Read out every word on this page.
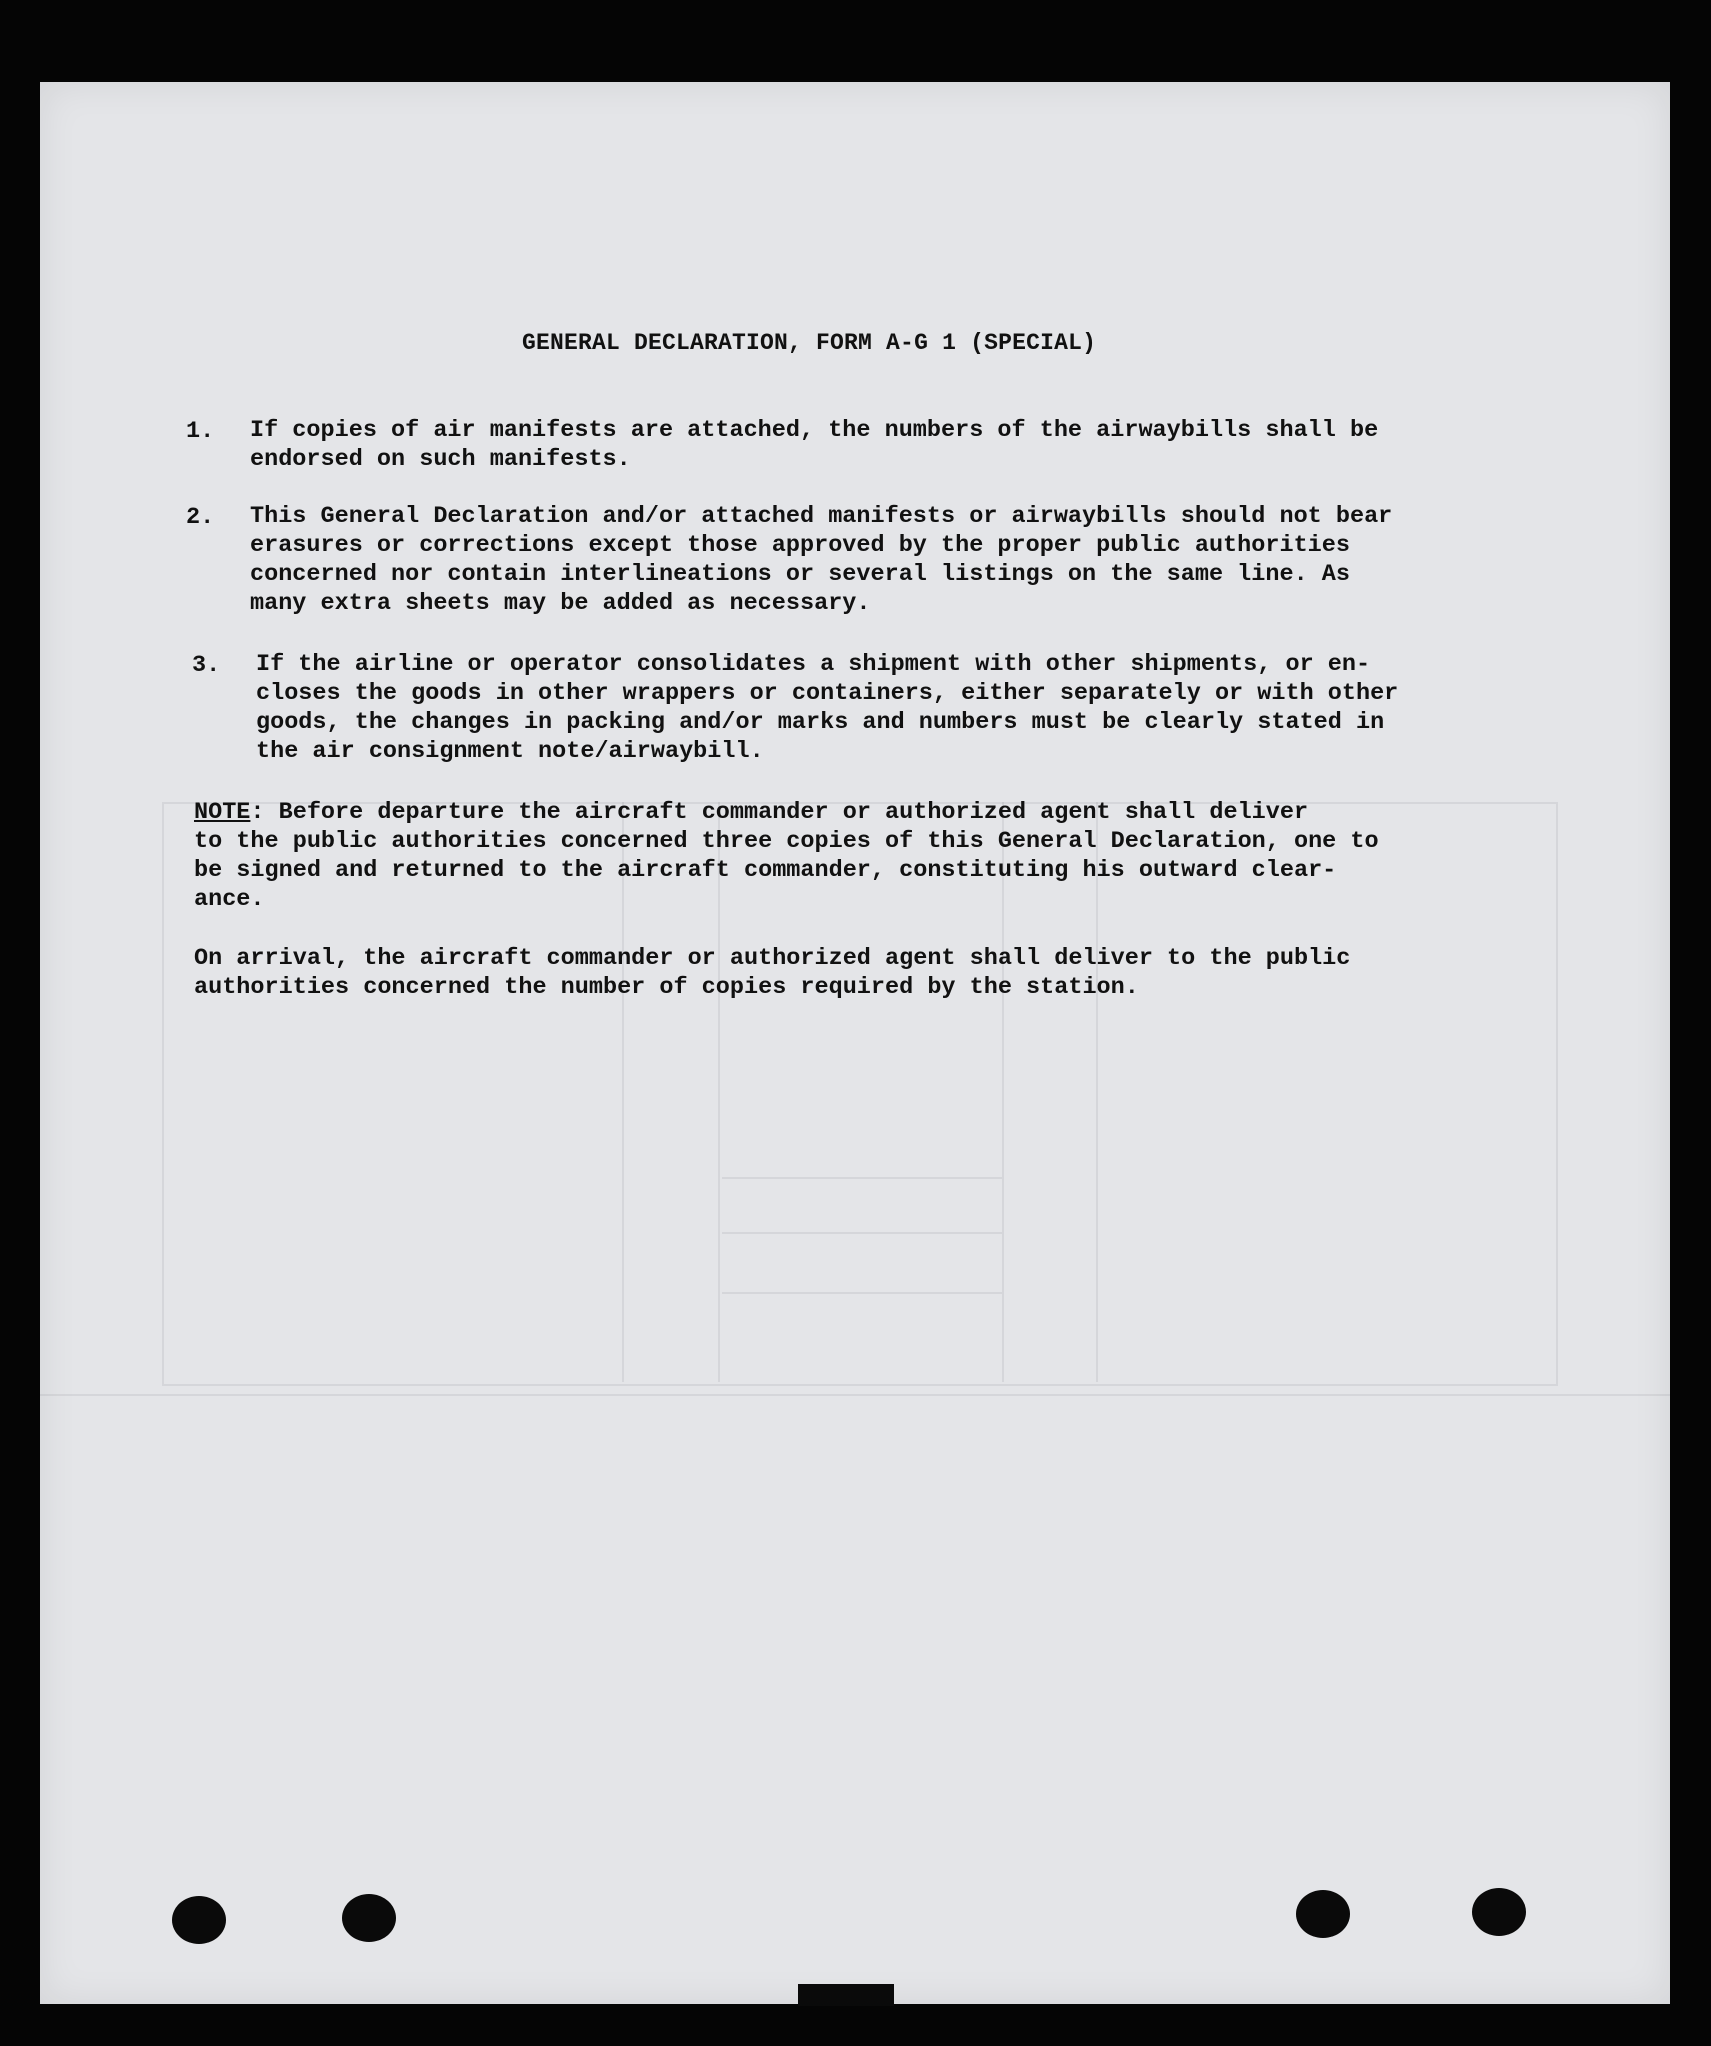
GENERAL DECLARATION, FORM A-G 1 (SPECIAL)
1. If copies of air manifests are attached, the numbers of the airwaybills shall be
endorsed on such manifests.

2. This General Declaration and/or attached manifests or airwaybills should not bear
erasures or corrections except those approved by the proper public authorities
concerned nor contain interlineations or several listings on the same line. As
many extra sheets may be added as necessary.

3. If the airline or operator consolidates a shipment with other shipments, or en-
closes the goods in other wrappers or containers, either separately or with other
goods, the changes in packing and/or marks and numbers must be clearly stated in
the air consignment note/airwaybill.

NOTE: Before departure the aircraft commander or authorized agent shall deliver
to the public authorities concerned three copies of this General Declaration, one to
be signed and returned to the aircraft commander, constituting his outward clear-
ance.

On arrival, the aircraft commander or authorized agent shall deliver to the public
authorities concerned the number of copies required by the station.
